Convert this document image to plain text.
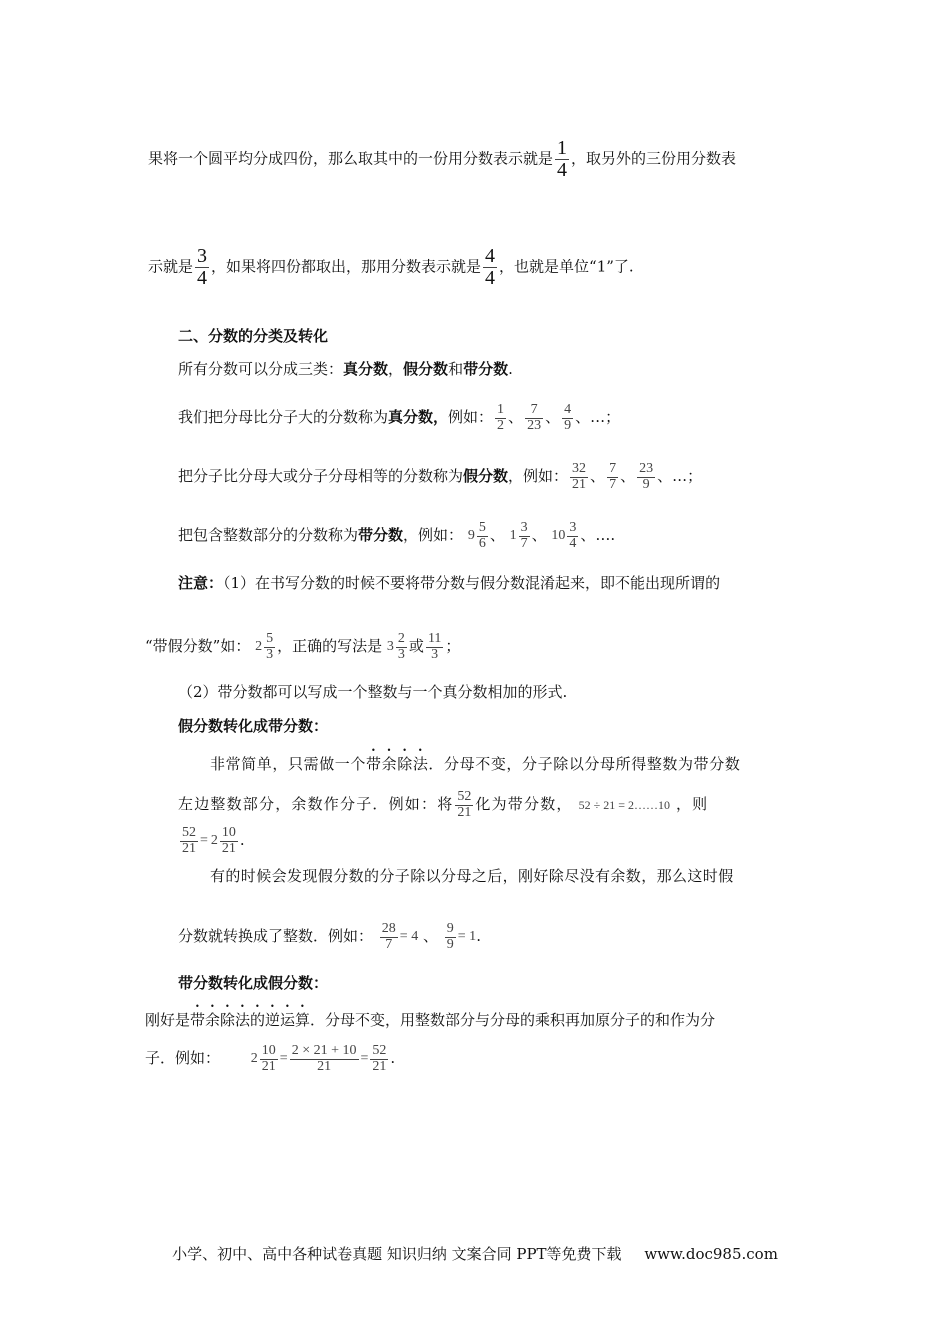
果将一个圆平均分成四份，那么取其中的一份用分数表示就是 $\frac{1}{4}$ ，取另外的三份用分数表
示就是 $\frac{3}{4}$ ，如果将四份都取出，那用分数表示就是 $\frac{4}{4}$ ，也就是单位“1”了.
二、分数的分类及转化
所有分数可以分成三类：真分数，假分数和带分数.
我们把分母比分子大的分数称为真分数，例如： $\frac{1}{2}$ 、 $\frac{7}{23}$ 、 $\frac{4}{9}$ 、…；
把分子比分母大或分子分母相等的分数称为假分数，例如： $\frac{32}{21}$ 、 $\frac{7}{7}$ 、 $\frac{23}{9}$ 、…；
把包含整数部分的分数称为带分数，例如： $9 \frac{5}{6}$ 、 $1 \frac{3}{7}$ 、 $10 \frac{3}{4}$ 、….
注意：（1）在书写分数的时候不要将带分数与假分数混淆起来，即不能出现所谓的
“带假分数”如： $2 \frac{5}{3}$ ，正确的写法是 $3 \frac{2}{3}$ 或 $\frac{11}{3}$ ；
（2）带分数都可以写成一个整数与一个真分数相加的形式.
假分数转化成带分数：
非常简单，只需做一个带余除法．分母不变，分子除以分母所得整数为带分数
左边整数部分，余数作分子．例如：将 $\frac{52}{21}$ 化为带分数， 52 ÷ 21 = 2……10 ，则
$\frac{52}{21} = 2 \frac{10}{21}$ .
有的时候会发现假分数的分子除以分母之后，刚好除尽没有余数，那么这时假
分数就转换成了整数．例如： $\frac{28}{7} = 4$ 、 $\frac{9}{9} = 1$.
带分数转化成假分数：
刚好是带余除法的逆运算．分母不变，用整数部分与分母的乘积再加原分子的和作为分
子．例如： $2 \frac{10}{21} = \frac{2 \times 21 + 10}{21} = \frac{52}{21}$ .
小学、初中、高中各种试卷真题 知识归纳 文案合同 PPT等免费下载 www.doc985.com
